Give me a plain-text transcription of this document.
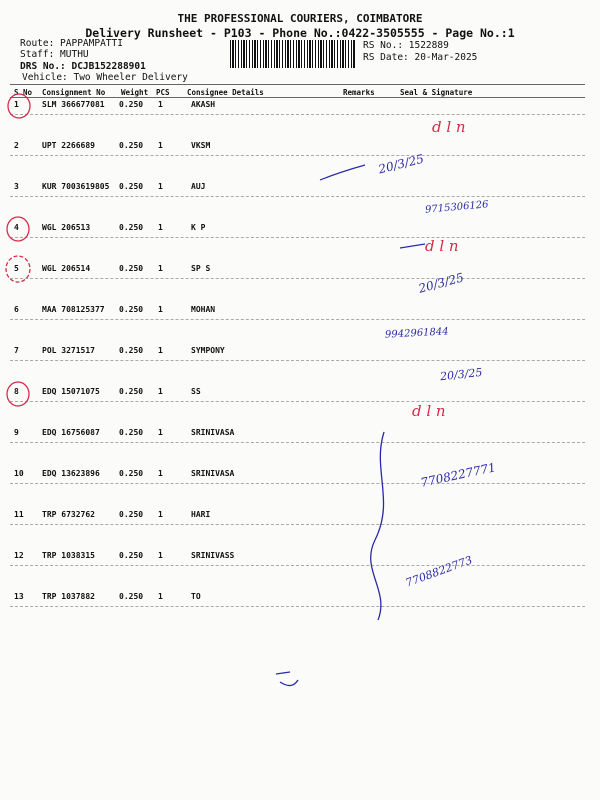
THE PROFESSIONAL COURIERS, COIMBATORE
Delivery Runsheet - P103 - Phone No.:0422-3505555 - Page No.:1
Route: PAPPAMPATTI
Staff: MUTHU
DRS No.: DCJB152288901
Vehicle: Two Wheeler Delivery
RS No.: 1522889
RS Date: 20-Mar-2025
S No Consignment No Weight PCS Consignee Details	Remarks	Seal & Signature
1	SLM 366677081 0.250 1	AKASH
2	UPT 2266689	0.250 1	VKSM
3	KUR 7003619805 0.250 1	AUJ
4	WGL 206513	0.250 1	K P
5	WGL 206514	0.250 1	SP S
6	MAA 708125377 0.250 1	MOHAN
7	POL 3271517	0.250 1	SYMPONY
8	EDQ 15071075 0.250 1	SS
9	EDQ 16756087 0.250 1	SRINIVASA
10 EDQ 13623896 0.250 1	SRINIVASA
11 TRP 6732762	0.250 1	HARI
12 TRP 1038315	0.250 1	SRINIVASS
13 TRP 1037882	0.250 1	TO
d l n
20/3/25
9715306126
d l n
20/3/25
9942961844
20/3/25
d l n
7708227771
7708822773
